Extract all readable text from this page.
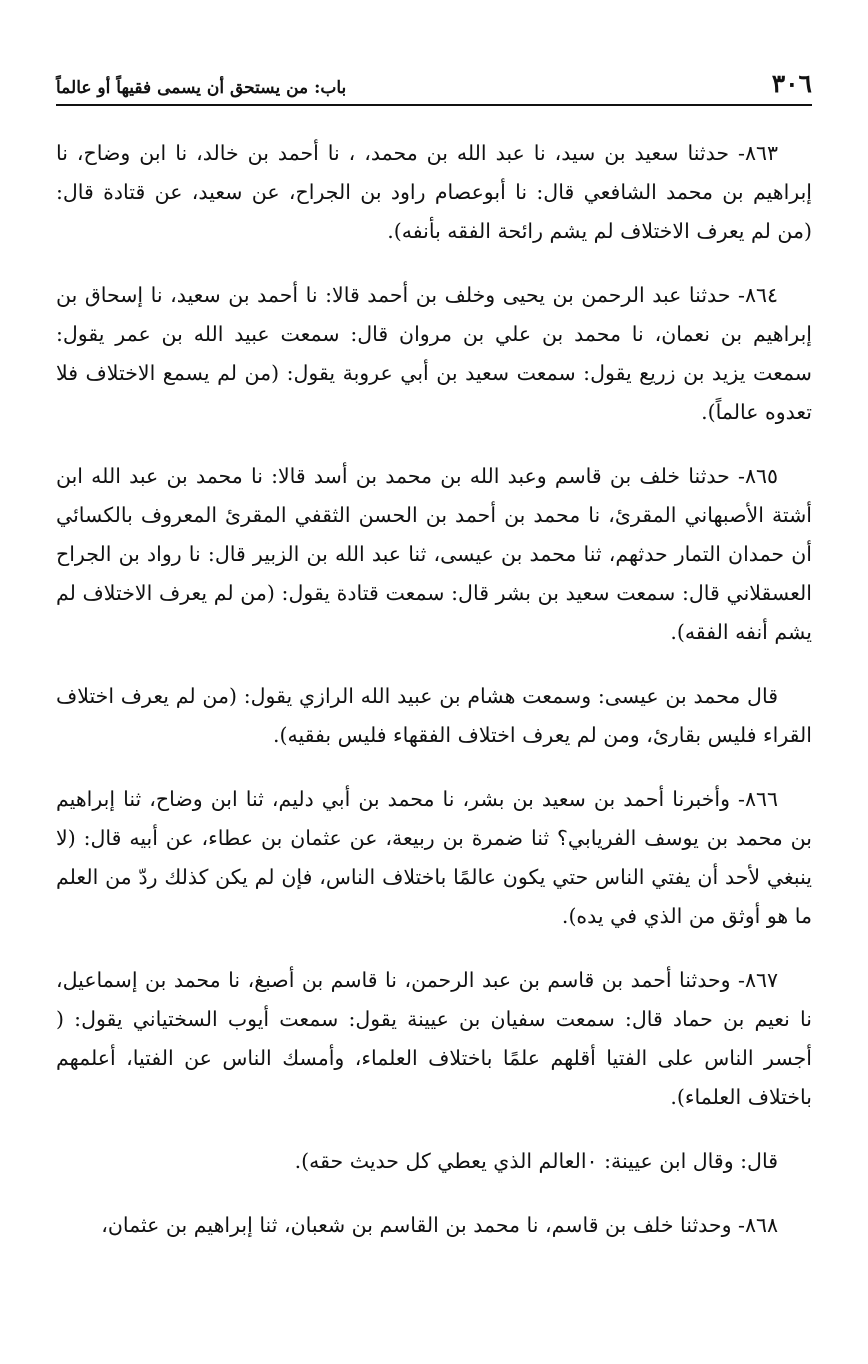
٣٠٦
باب: من يستحق أن يسمى فقيهاً أو عالماً

٨٦٣- حدثنا سعيد بن سيد، نا عبد الله بن محمد، ، نا أحمد بن خالد، نا ابن وضاح، نا إبراهيم بن محمد الشافعي قال: نا أبوعصام راود بن الجراح، عن سعيد، عن قتادة قال: (من لم يعرف الاختلاف لم يشم رائحة الفقه بأنفه).

٨٦٤- حدثنا عبد الرحمن بن يحيى وخلف بن أحمد قالا: نا أحمد بن سعيد، نا إسحاق بن إبراهيم بن نعمان، نا محمد بن علي بن مروان قال: سمعت عبيد الله بن عمر يقول: سمعت يزيد بن زريع يقول: سمعت سعيد بن أبي عروبة يقول: (من لم يسمع الاختلاف فلا تعدوه عالماً).

٨٦٥- حدثنا خلف بن قاسم وعبد الله بن محمد بن أسد قالا: نا محمد بن عبد الله ابن أشتة الأصبهاني المقرئ، نا محمد بن أحمد بن الحسن الثقفي المقرئ المعروف بالكسائي أن حمدان التمار حدثهم، ثنا محمد بن عيسى، ثنا عبد الله بن الزبير قال: نا رواد بن الجراح العسقلاني قال: سمعت سعيد بن بشر قال: سمعت قتادة يقول: (من لم يعرف الاختلاف لم يشم أنفه الفقه).

قال محمد بن عيسى: وسمعت هشام بن عبيد الله الرازي يقول: (من لم يعرف اختلاف القراء فليس بقارئ، ومن لم يعرف اختلاف الفقهاء فليس بفقيه).

٨٦٦- وأخبرنا أحمد بن سعيد بن بشر، نا محمد بن أبي دليم، ثنا ابن وضاح، ثنا إبراهيم بن محمد بن يوسف الفريابي؟ ثنا ضمرة بن ربيعة، عن عثمان بن عطاء، عن أبيه قال: (لا ينبغي لأحد أن يفتي الناس حتي يكون عالمًا باختلاف الناس، فإن لم يكن كذلك ردّ من العلم ما هو أوثق من الذي في يده).

٨٦٧- وحدثنا أحمد بن قاسم بن عبد الرحمن، نا قاسم بن أصبغ، نا محمد بن إسماعيل، نا نعيم بن حماد قال: سمعت سفيان بن عيينة يقول: سمعت أيوب السختياني يقول: ( أجسر الناس على الفتيا أقلهم علمًا باختلاف العلماء، وأمسك الناس عن الفتيا، أعلمهم باختلاف العلماء).

قال: وقال ابن عيينة: ٠العالم الذي يعطي كل حديث حقه).

٨٦٨- وحدثنا خلف بن قاسم، نا محمد بن القاسم بن شعبان، ثنا إبراهيم بن عثمان،
